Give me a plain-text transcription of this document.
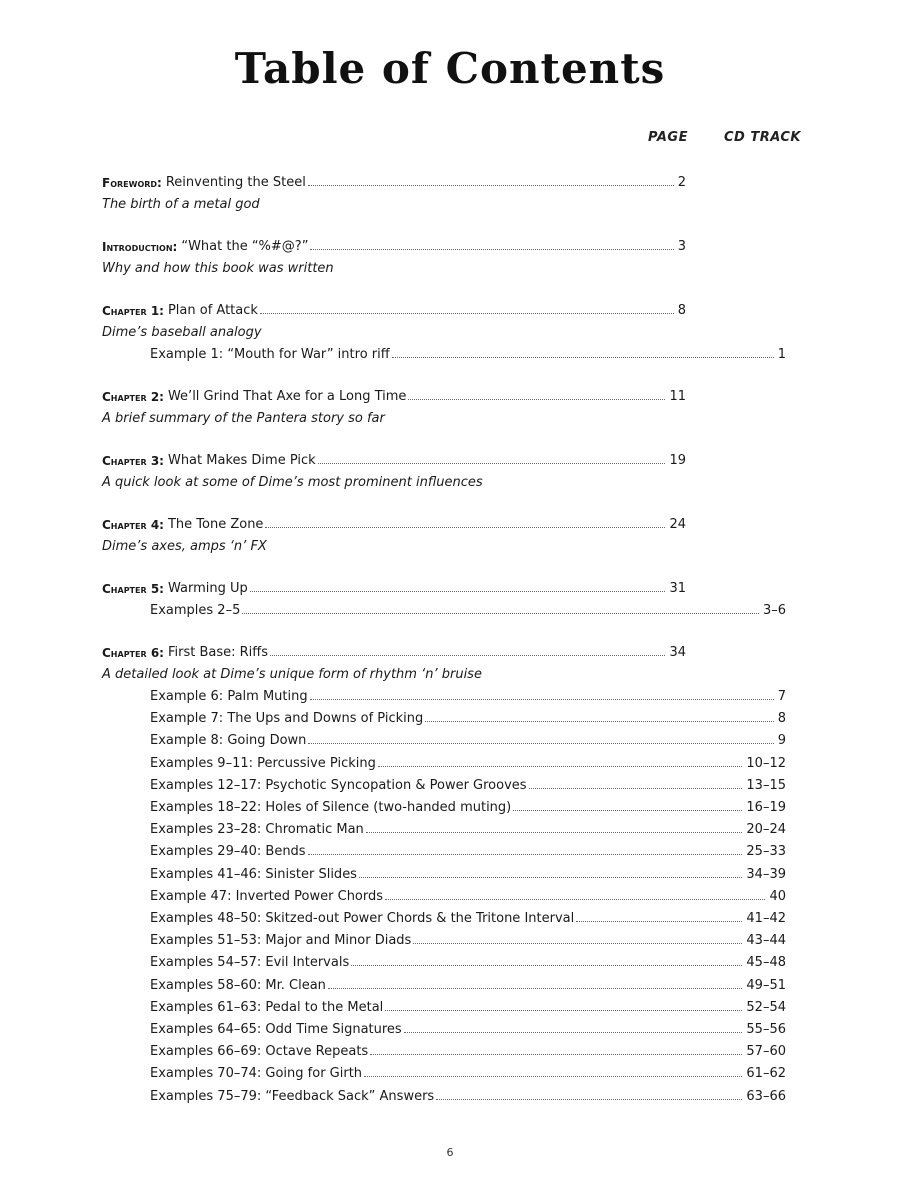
Table of Contents
PAGE	CD TRACK
Foreword: Reinventing the Steel	2
The birth of a metal god
Introduction: “What the “%#@?”	3
Why and how this book was written
Chapter 1: Plan of Attack	8
Dime’s baseball analogy
Example 1: “Mouth for War” intro riff	1
Chapter 2: We’ll Grind That Axe for a Long Time	11
A brief summary of the Pantera story so far
Chapter 3: What Makes Dime Pick	19
A quick look at some of Dime’s most prominent influences
Chapter 4: The Tone Zone	24
Dime’s axes, amps ‘n’ FX
Chapter 5: Warming Up	31
Examples 2–5	3–6
Chapter 6: First Base: Riffs	34
A detailed look at Dime’s unique form of rhythm ‘n’ bruise
Example 6: Palm Muting	7
Example 7: The Ups and Downs of Picking	8
Example 8: Going Down	9
Examples 9–11: Percussive Picking	10–12
Examples 12–17: Psychotic Syncopation & Power Grooves	13–15
Examples 18–22: Holes of Silence (two-handed muting)	16–19
Examples 23–28: Chromatic Man	20–24
Examples 29–40: Bends	25–33
Examples 41–46: Sinister Slides	34–39
Example 47: Inverted Power Chords	40
Examples 48–50: Skitzed-out Power Chords & the Tritone Interval	41–42
Examples 51–53: Major and Minor Diads	43–44
Examples 54–57: Evil Intervals	45–48
Examples 58–60: Mr. Clean	49–51
Examples 61–63: Pedal to the Metal	52–54
Examples 64–65: Odd Time Signatures	55–56
Examples 66–69: Octave Repeats	57–60
Examples 70–74: Going for Girth	61–62
Examples 75–79: “Feedback Sack” Answers	63–66
6
